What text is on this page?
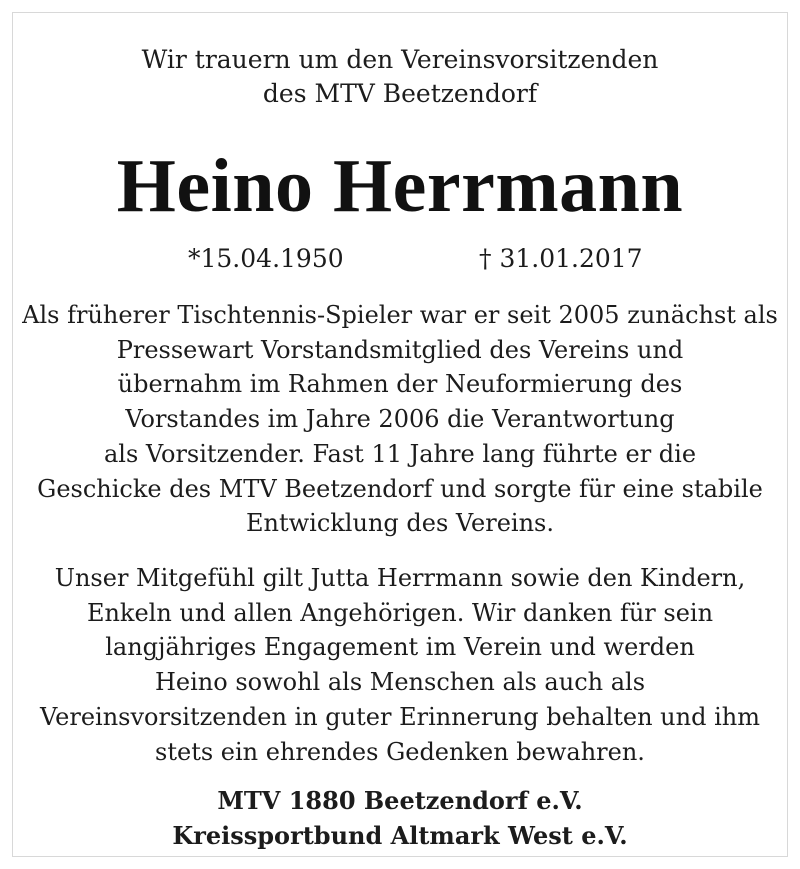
Wir trauern um den Vereinsvorsitzenden
des MTV Beetzendorf
Heino Herrmann
*15.04.1950	† 31.01.2017

Als früherer Tischtennis-Spieler war er seit 2005 zunächst als
Pressewart Vorstandsmitglied des Vereins und
übernahm im Rahmen der Neuformierung des
Vorstandes im Jahre 2006 die Verantwortung
als Vorsitzender. Fast 11 Jahre lang führte er die
Geschicke des MTV Beetzendorf und sorgte für eine stabile
Entwicklung des Vereins.

Unser Mitgefühl gilt Jutta Herrmann sowie den Kindern,
Enkeln und allen Angehörigen. Wir danken für sein
langjähriges Engagement im Verein und werden
Heino sowohl als Menschen als auch als
Vereinsvorsitzenden in guter Erinnerung behalten und ihm
stets ein ehrendes Gedenken bewahren.

MTV 1880 Beetzendorf e.V.
Kreissportbund Altmark West e.V.
